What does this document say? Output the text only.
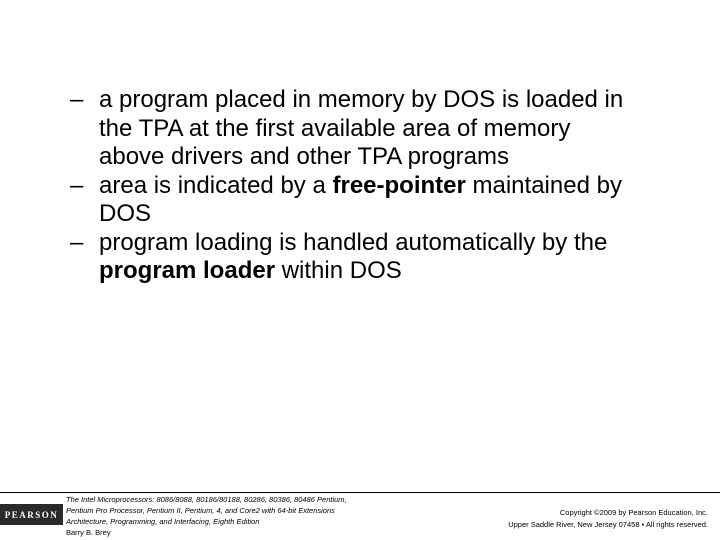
– a program placed in memory by DOS is loaded in the TPA at the first available area of memory above drivers and other TPA programs
– area is indicated by a free-pointer maintained by DOS
– program loading is handled automatically by the program loader within DOS
PEARSON
The Intel Microprocessors: 8086/8088, 80186/80188, 80286, 80386, 80486 Pentium,
Pentium Pro Processor, Pentium II, Pentium, 4, and Core2 with 64-bit Extensions
Architecture, Programming, and Interfacing, Eighth Edition
Barry B. Brey
Copyright ©2009 by Pearson Education, Inc.
Upper Saddle River, New Jersey 07458 • All rights reserved.
